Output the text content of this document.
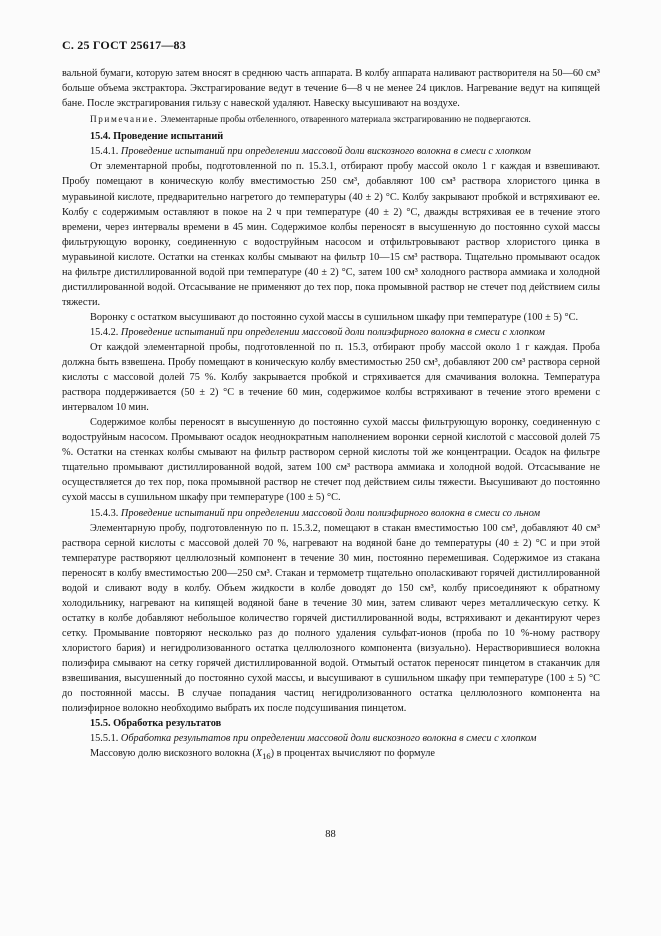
С. 25 ГОСТ 25617—83

вальной бумаги, которую затем вносят в среднюю часть аппарата. В колбу аппарата наливают растворителя на 50—60 см³ больше объема экстрактора. Экстрагирование ведут в течение 6—8 ч не менее 24 циклов. Нагревание ведут на кипящей бане. После экстрагирования гильзу с навеской удаляют. Навеску высушивают на воздухе.

Примечание. Элементарные пробы отбеленного, отваренного материала экстрагированию не подвергаются.

15.4. Проведение испытаний

15.4.1. Проведение испытаний при определении массовой доли вискозного волокна в смеси с хлопком

От элементарной пробы, подготовленной по п. 15.3.1, отбирают пробу массой около 1 г каждая и взвешивают. Пробу помещают в коническую колбу вместимостью 250 см³, добавляют 100 см³ раствора хлористого цинка в муравьиной кислоте, предварительно нагретого до температуры (40 ± 2) °С. Колбу закрывают пробкой и встряхивают ее. Колбу с содержимым оставляют в покое на 2 ч при температуре (40 ± 2) °С, дважды встряхивая ее в течение этого времени, через интервалы времени в 45 мин. Содержимое колбы переносят в высушенную до постоянно сухой массы фильтрующую воронку, соединенную с водоструйным насосом и отфильтровывают раствор хлористого цинка в муравьиной кислоте. Остатки на стенках колбы смывают на фильтр 10—15 см³ раствора. Тщательно промывают осадок на фильтре дистиллированной водой при температуре (40 ± 2) °С, затем 100 см³ холодного раствора аммиака и холодной дистиллированной водой. Отсасывание не применяют до тех пор, пока промывной раствор не стечет под действием силы тяжести.

Воронку с остатком высушивают до постоянно сухой массы в сушильном шкафу при температуре (100 ± 5) °С.

15.4.2. Проведение испытаний при определении массовой доли полиэфирного волокна в смеси с хлопком

От каждой элементарной пробы, подготовленной по п. 15.3, отбирают пробу массой около 1 г каждая. Проба должна быть взвешена. Пробу помещают в коническую колбу вместимостью 250 см³, добавляют 200 см³ раствора серной кислоты с массовой долей 75 %. Колбу закрывается пробкой и стряхивается для смачивания волокна. Температура раствора поддерживается (50 ± 2) °С в течение 60 мин, содержимое колбы встряхивают в течение этого времени с интервалом 10 мин.

Содержимое колбы переносят в высушенную до постоянно сухой массы фильтрующую воронку, соединенную с водоструйным насосом. Промывают осадок неоднократным наполнением воронки серной кислотой с массовой долей 75 %. Остатки на стенках колбы смывают на фильтр раствором серной кислоты той же концентрации. Осадок на фильтре тщательно промывают дистиллированной водой, затем 100 см³ раствора аммиака и холодной водой. Отсасывание не осуществляется до тех пор, пока промывной раствор не стечет под действием силы тяжести. Высушивают до постоянно сухой массы в сушильном шкафу при температуре (100 ± 5) °С.

15.4.3. Проведение испытаний при определении массовой доли полиэфирного волокна в смеси со льном

Элементарную пробу, подготовленную по п. 15.3.2, помещают в стакан вместимостью 100 см³, добавляют 40 см³ раствора серной кислоты с массовой долей 70 %, нагревают на водяной бане до температуры (40 ± 2) °С и при этой температуре растворяют целлюлозный компонент в течение 30 мин, постоянно перемешивая. Содержимое из стакана переносят в колбу вместимостью 200—250 см³. Стакан и термометр тщательно ополаскивают горячей дистиллированной водой и сливают воду в колбу. Объем жидкости в колбе доводят до 150 см³, колбу присоединяют к обратному холодильнику, нагревают на кипящей водяной бане в течение 30 мин, затем сливают через металлическую сетку. К остатку в колбе добавляют небольшое количество горячей дистиллированной воды, встряхивают и декантируют через сетку. Промывание повторяют несколько раз до полного удаления сульфат-ионов (проба по 10 %-ному раствору хлористого бария) и негидролизованного остатка целлюлозного компонента (визуально). Нерастворившиеся волокна полиэфира смывают на сетку горячей дистиллированной водой. Отмытый остаток переносят пинцетом в стаканчик для взвешивания, высушенный до постоянно сухой массы, и высушивают в сушильном шкафу при температуре (100 ± 5) °С до постоянной массы. В случае попадания частиц негидролизованного остатка целлюлозного компонента на полиэфирное волокно необходимо выбрать их после подсушивания пинцетом.

15.5. Обработка результатов

15.5.1. Обработка результатов при определении массовой доли вискозного волокна в смеси с хлопком

Массовую долю вискозного волокна $(X_{16})$ в процентах вычисляют по формуле

88
